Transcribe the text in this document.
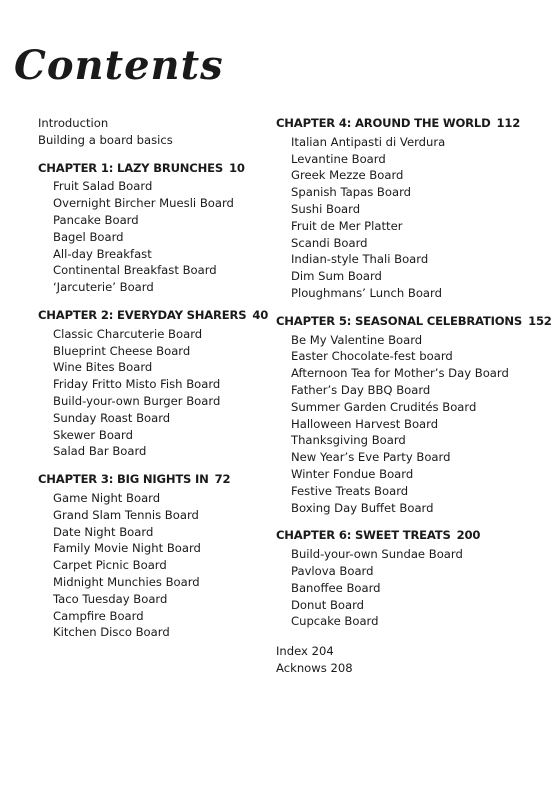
Contents
Introduction
Building a board basics
CHAPTER 1: LAZY BRUNCHES 10
Fruit Salad Board
Overnight Bircher Muesli Board
Pancake Board
Bagel Board
All-day Breakfast
Continental Breakfast Board
‘Jarcuterie’ Board
CHAPTER 2: EVERYDAY SHARERS 40
Classic Charcuterie Board
Blueprint Cheese Board
Wine Bites Board
Friday Fritto Misto Fish Board
Build-your-own Burger Board
Sunday Roast Board
Skewer Board
Salad Bar Board
CHAPTER 3: BIG NIGHTS IN 72
Game Night Board
Grand Slam Tennis Board
Date Night Board
Family Movie Night Board
Carpet Picnic Board
Midnight Munchies Board
Taco Tuesday Board
Campfire Board
Kitchen Disco Board
CHAPTER 4: AROUND THE WORLD 112
Italian Antipasti di Verdura
Levantine Board
Greek Mezze Board
Spanish Tapas Board
Sushi Board
Fruit de Mer Platter
Scandi Board
Indian-style Thali Board
Dim Sum Board
Ploughmans’ Lunch Board
CHAPTER 5: SEASONAL CELEBRATIONS 152
Be My Valentine Board
Easter Chocolate-fest board
Afternoon Tea for Mother’s Day Board
Father’s Day BBQ Board
Summer Garden Crudités Board
Halloween Harvest Board
Thanksgiving Board
New Year’s Eve Party Board
Winter Fondue Board
Festive Treats Board
Boxing Day Buffet Board
CHAPTER 6: SWEET TREATS 200
Build-your-own Sundae Board
Pavlova Board
Banoffee Board
Donut Board
Cupcake Board
Index 204
Acknows 208
